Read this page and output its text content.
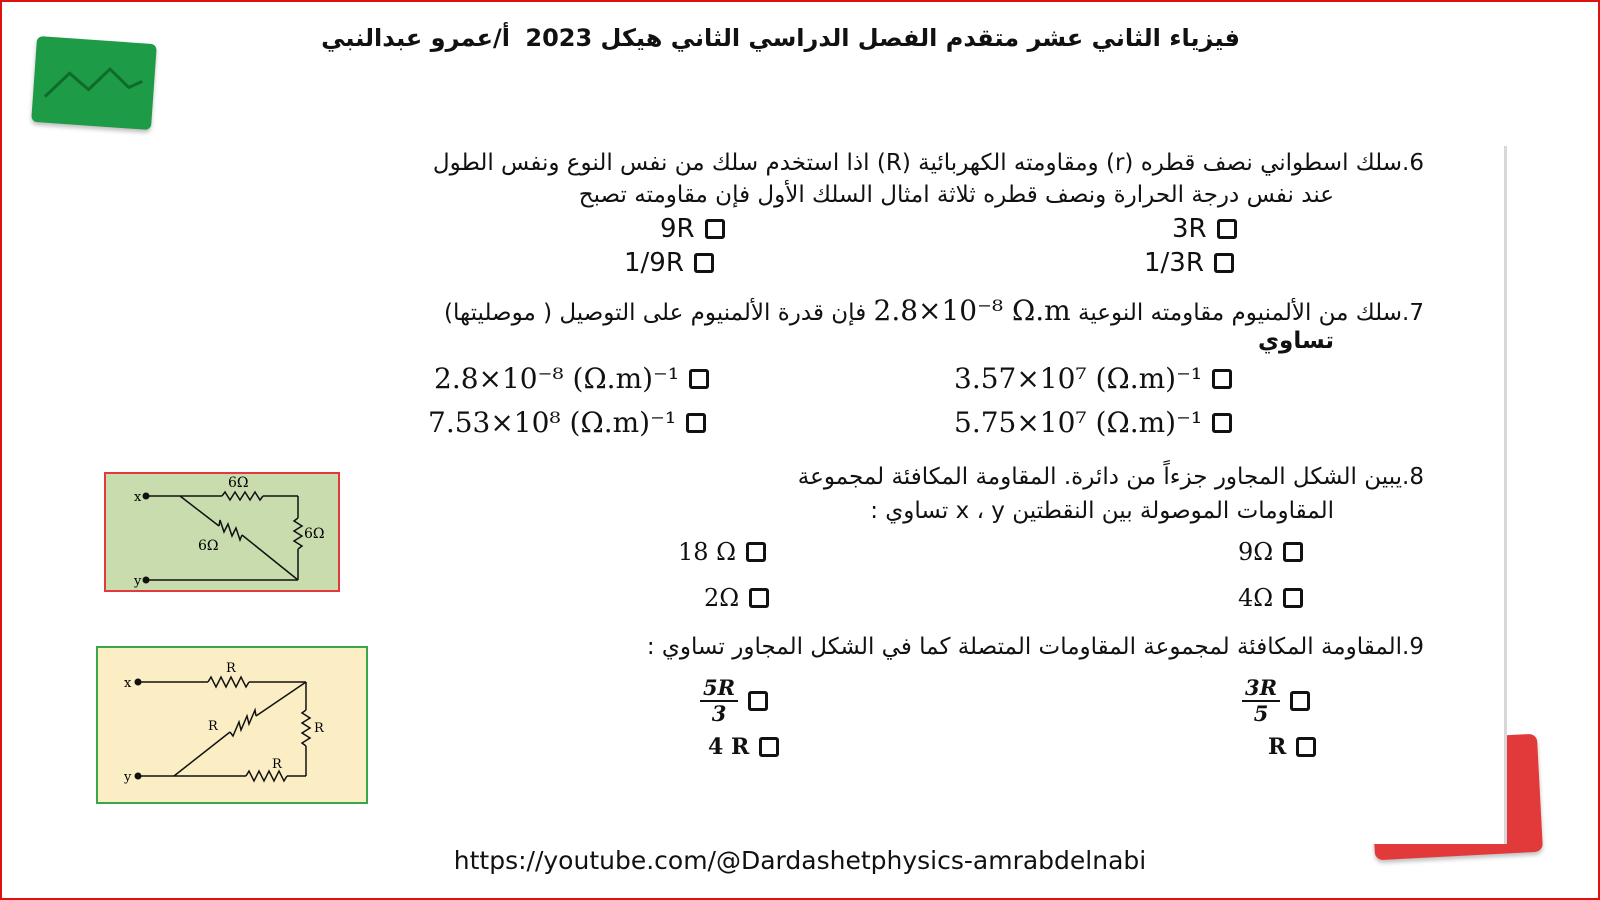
فيزياء الثاني عشر متقدم الفصل الدراسي الثاني هيكل 2023
أ/عمرو عبدالنبي
6.سلك اسطواني نصف قطره (r) ومقاومته الكهربائية (R) اذا استخدم سلك من نفس النوع ونفس الطول
عند نفس درجة الحرارة ونصف قطره ثلاثة امثال السلك الأول فإن مقاومته تصبح
3R
9R
1/3R
1/9R
7.سلك من الألمنيوم مقاومته النوعية 2.8×10⁻⁸ Ω.m فإن قدرة الألمنيوم على التوصيل ( موصليتها)
تساوي
3.57×10⁷ (Ω.m)⁻¹
2.8×10⁻⁸ (Ω.m)⁻¹
5.75×10⁷ (Ω.m)⁻¹
7.53×10⁸ (Ω.m)⁻¹
8.يبين الشكل المجاور جزءاً من دائرة. المقاومة المكافئة لمجموعة
المقاومات الموصولة بين النقطتين x ، y تساوي :
9Ω
18 Ω
4Ω
2Ω
x
y
6Ω
6Ω
6Ω
9.المقاومة المكافئة لمجموعة المقاومات المتصلة كما في الشكل المجاور تساوي :
$\frac{3R}{5}$
$\frac{5R}{3}$
R
4 R
x
y
R
R
R
R
https://youtube.com/@Dardashetphysics-amrabdelnabi
